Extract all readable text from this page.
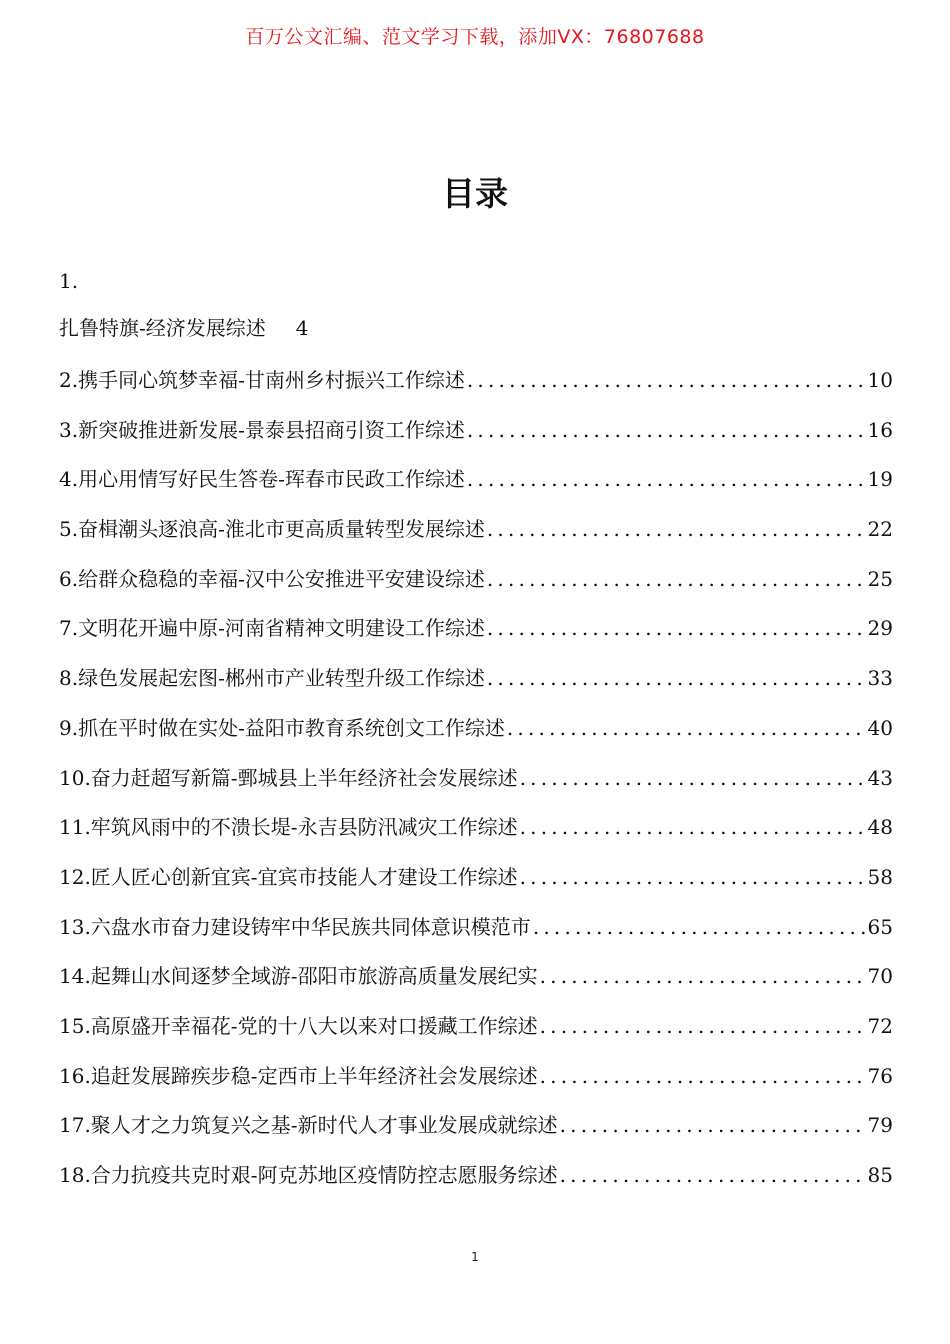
百万公文汇编、范文学习下载，添加VX：76807688
目录
1.
扎鲁特旗-经济发展综述 4
2.携手同心筑梦幸福-甘南州乡村振兴工作综述 .....	10
3.新突破推进新发展-景泰县招商引资工作综述 .....	16
4.用心用情写好民生答卷-珲春市民政工作综述 .....	19
5.奋楫潮头逐浪高-淮北市更高质量转型发展综述 .....	22
6.给群众稳稳的幸福-汉中公安推进平安建设综述 .....	25
7.文明花开遍中原-河南省精神文明建设工作综述 .....	29
8.绿色发展起宏图-郴州市产业转型升级工作综述 .....	33
9.抓在平时做在实处-益阳市教育系统创文工作综述 .....	40
10.奋力赶超写新篇-鄄城县上半年经济社会发展综述 .....	43
11.牢筑风雨中的不溃长堤-永吉县防汛减灾工作综述 .....	48
12.匠人匠心创新宜宾-宜宾市技能人才建设工作综述 .....	58
13.六盘水市奋力建设铸牢中华民族共同体意识模范市 .....	65
14.起舞山水间逐梦全域游-邵阳市旅游高质量发展纪实 .....	70
15.高原盛开幸福花-党的十八大以来对口援藏工作综述 .....	72
16.追赶发展蹄疾步稳-定西市上半年经济社会发展综述 .....	76
17.聚人才之力筑复兴之基-新时代人才事业发展成就综述 .....	79
18.合力抗疫共克时艰-阿克苏地区疫情防控志愿服务综述 .....	85
1
